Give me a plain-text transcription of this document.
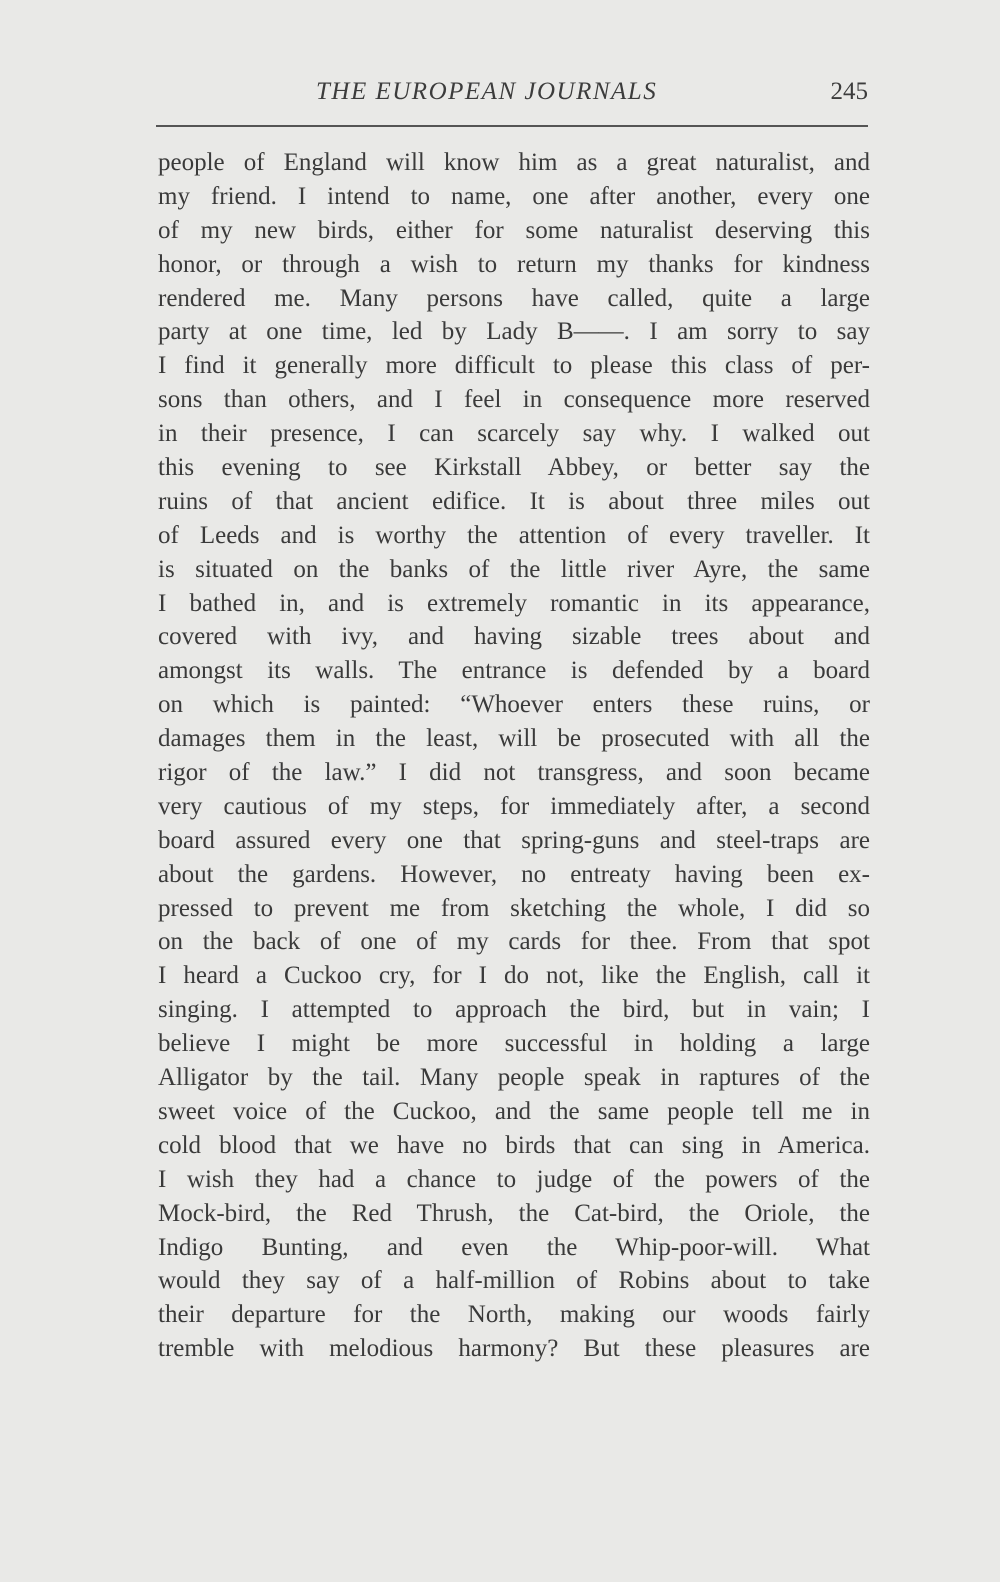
THE EUROPEAN JOURNALS	245
people of England will know him as a great naturalist, and
my friend. I intend to name, one after another, every one
of my new birds, either for some naturalist deserving this
honor, or through a wish to return my thanks for kindness
rendered me. Many persons have called, quite a large
party at one time, led by Lady B——. I am sorry to say
I find it generally more difficult to please this class of per-
sons than others, and I feel in consequence more reserved
in their presence, I can scarcely say why. I walked out
this evening to see Kirkstall Abbey, or better say the
ruins of that ancient edifice. It is about three miles out
of Leeds and is worthy the attention of every traveller. It
is situated on the banks of the little river Ayre, the same
I bathed in, and is extremely romantic in its appearance,
covered with ivy, and having sizable trees about and
amongst its walls. The entrance is defended by a board
on which is painted: “Whoever enters these ruins, or
damages them in the least, will be prosecuted with all the
rigor of the law.” I did not transgress, and soon became
very cautious of my steps, for immediately after, a second
board assured every one that spring-guns and steel-traps are
about the gardens. However, no entreaty having been ex-
pressed to prevent me from sketching the whole, I did so
on the back of one of my cards for thee. From that spot
I heard a Cuckoo cry, for I do not, like the English, call it
singing. I attempted to approach the bird, but in vain; I
believe I might be more successful in holding a large
Alligator by the tail. Many people speak in raptures of the
sweet voice of the Cuckoo, and the same people tell me in
cold blood that we have no birds that can sing in America.
I wish they had a chance to judge of the powers of the
Mock-bird, the Red Thrush, the Cat-bird, the Oriole, the
Indigo Bunting, and even the Whip-poor-will. What
would they say of a half-million of Robins about to take
their departure for the North, making our woods fairly
tremble with melodious harmony? But these pleasures are
